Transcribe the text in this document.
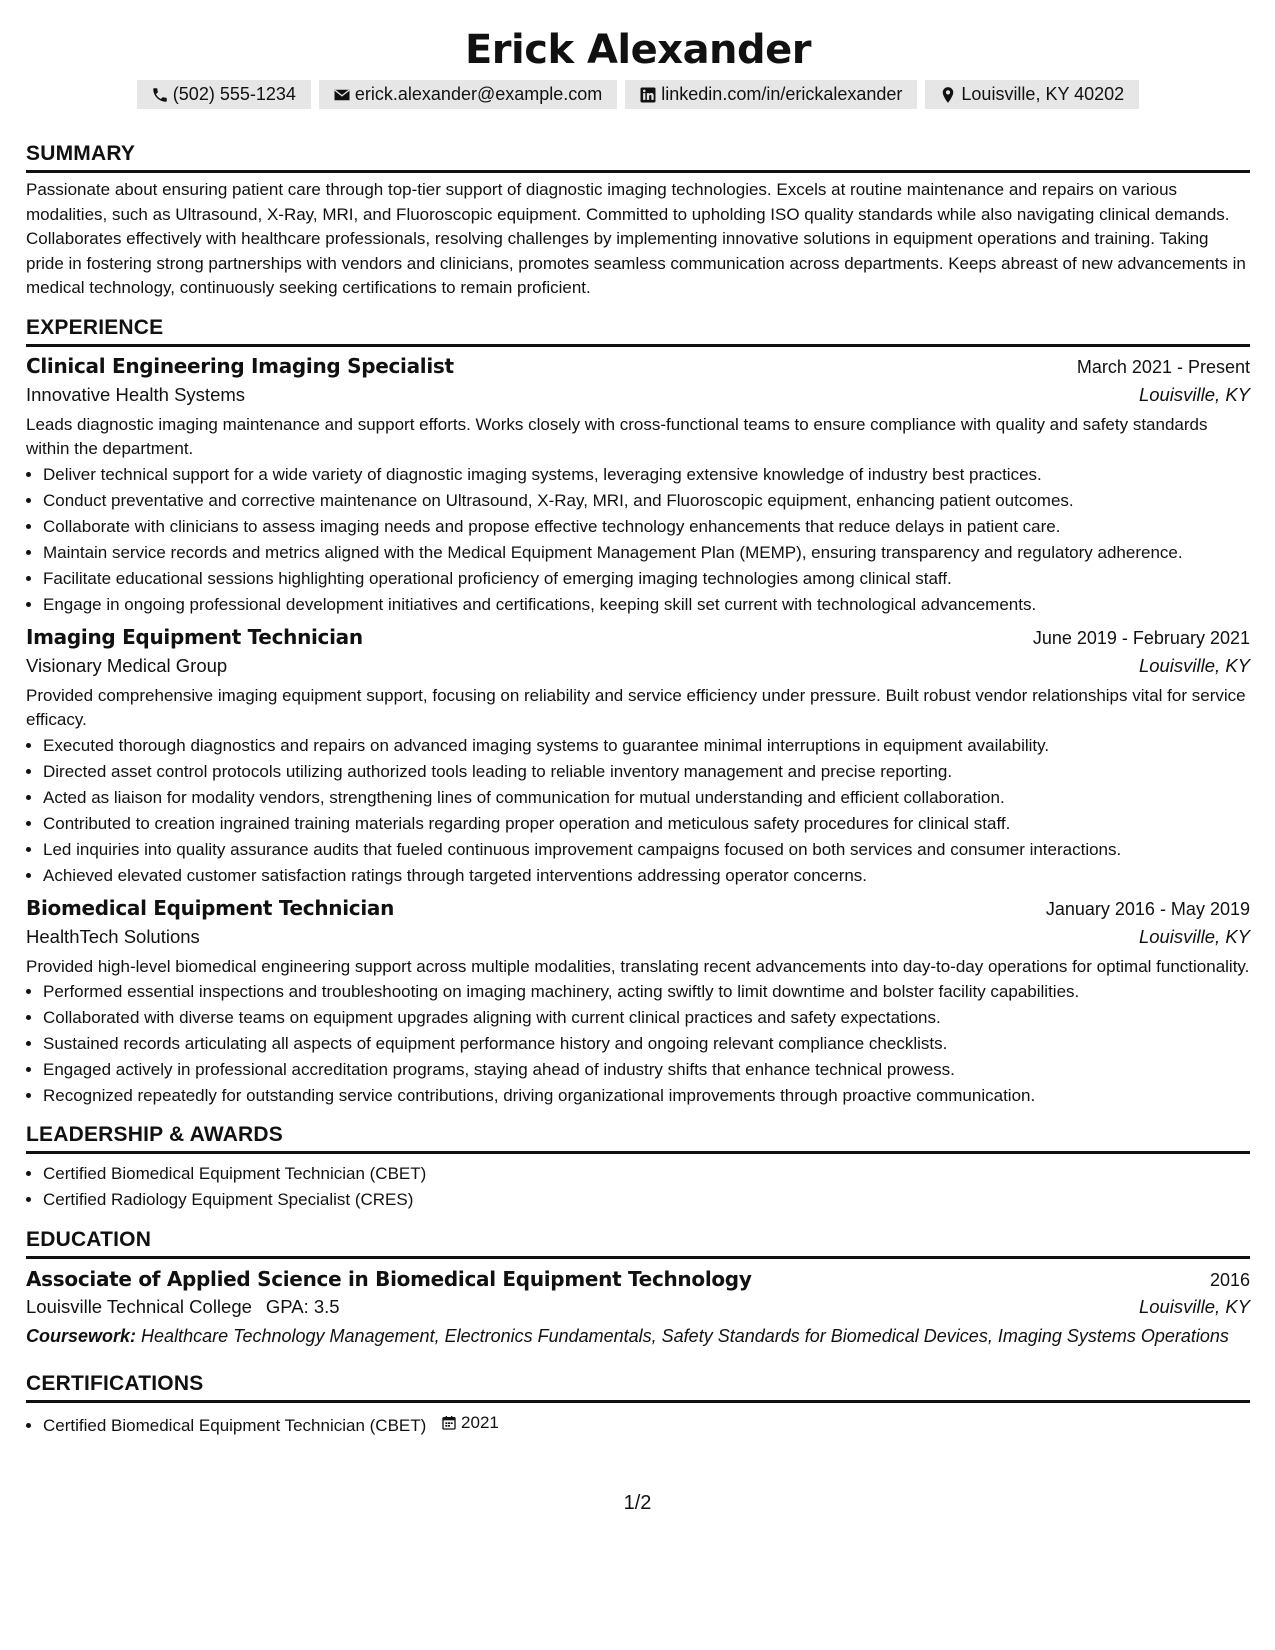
Erick Alexander
(502) 555-1234	erick.alexander@example.com	linkedin.com/in/erickalexander	Louisville, KY 40202
SUMMARY

Passionate about ensuring patient care through top-tier support of diagnostic imaging technologies. Excels at routine maintenance and repairs on various modalities, such as Ultrasound, X-Ray, MRI, and Fluoroscopic equipment. Committed to upholding ISO quality standards while also navigating clinical demands. Collaborates effectively with healthcare professionals, resolving challenges by implementing innovative solutions in equipment operations and training. Taking pride in fostering strong partnerships with vendors and clinicians, promotes seamless communication across departments. Keeps abreast of new advancements in medical technology, continuously seeking certifications to remain proficient.

EXPERIENCE
Clinical Engineering Imaging Specialist	March 2021 - Present
Innovative Health Systems	Louisville, KY

Leads diagnostic imaging maintenance and support efforts. Works closely with cross-functional teams to ensure compliance with quality and safety standards within the department.

• Deliver technical support for a wide variety of diagnostic imaging systems, leveraging extensive knowledge of industry best practices.
• Conduct preventative and corrective maintenance on Ultrasound, X-Ray, MRI, and Fluoroscopic equipment, enhancing patient outcomes.
• Collaborate with clinicians to assess imaging needs and propose effective technology enhancements that reduce delays in patient care.
• Maintain service records and metrics aligned with the Medical Equipment Management Plan (MEMP), ensuring transparency and regulatory adherence.
• Facilitate educational sessions highlighting operational proficiency of emerging imaging technologies among clinical staff.
• Engage in ongoing professional development initiatives and certifications, keeping skill set current with technological advancements.
Imaging Equipment Technician	June 2019 - February 2021
Visionary Medical Group	Louisville, KY

Provided comprehensive imaging equipment support, focusing on reliability and service efficiency under pressure. Built robust vendor relationships vital for service efficacy.

• Executed thorough diagnostics and repairs on advanced imaging systems to guarantee minimal interruptions in equipment availability.
• Directed asset control protocols utilizing authorized tools leading to reliable inventory management and precise reporting.
• Acted as liaison for modality vendors, strengthening lines of communication for mutual understanding and efficient collaboration.
• Contributed to creation ingrained training materials regarding proper operation and meticulous safety procedures for clinical staff.
• Led inquiries into quality assurance audits that fueled continuous improvement campaigns focused on both services and consumer interactions.
• Achieved elevated customer satisfaction ratings through targeted interventions addressing operator concerns.
Biomedical Equipment Technician	January 2016 - May 2019
HealthTech Solutions	Louisville, KY

Provided high-level biomedical engineering support across multiple modalities, translating recent advancements into day-to-day operations for optimal functionality.

• Performed essential inspections and troubleshooting on imaging machinery, acting swiftly to limit downtime and bolster facility capabilities.
• Collaborated with diverse teams on equipment upgrades aligning with current clinical practices and safety expectations.
• Sustained records articulating all aspects of equipment performance history and ongoing relevant compliance checklists.
• Engaged actively in professional accreditation programs, staying ahead of industry shifts that enhance technical prowess.
• Recognized repeatedly for outstanding service contributions, driving organizational improvements through proactive communication.
LEADERSHIP & AWARDS
• Certified Biomedical Equipment Technician (CBET)
• Certified Radiology Equipment Specialist (CRES)
EDUCATION
Associate of Applied Science in Biomedical Equipment Technology	2016
Louisville Technical College GPA: 3.5	Louisville, KY
Coursework: Healthcare Technology Management, Electronics Fundamentals, Safety Standards for Biomedical Devices, Imaging Systems Operations
CERTIFICATIONS
• Certified Biomedical Equipment Technician (CBET) 2021
1/2
